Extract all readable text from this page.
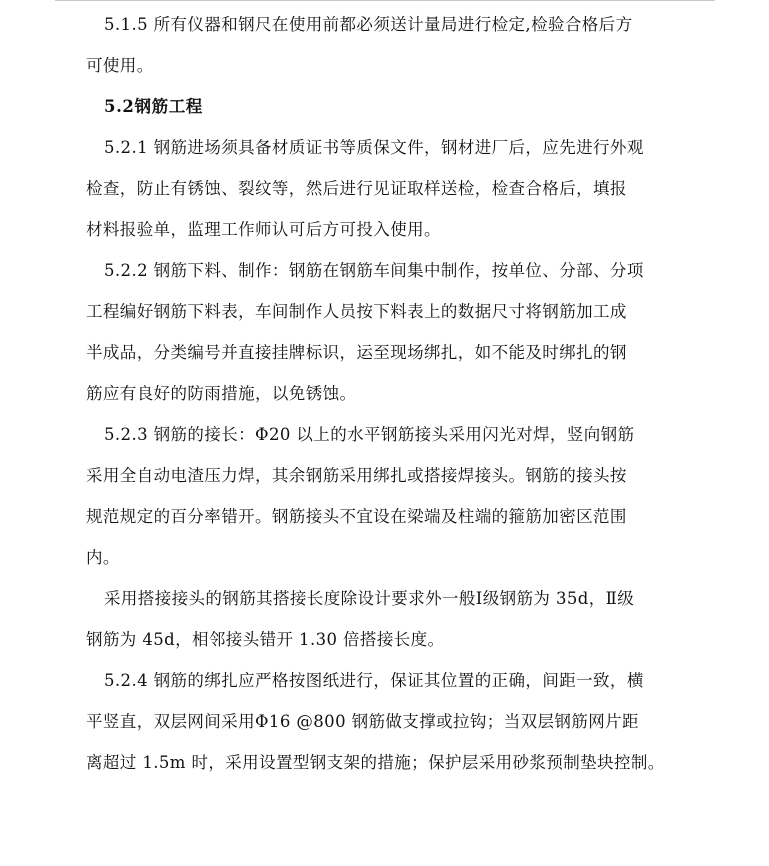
5.1.5 所有仪器和钢尺在使用前都必须送计量局进行检定,检验合格后方
可使用。
5.2钢筋工程
5.2.1 钢筋进场须具备材质证书等质保文件，钢材进厂后，应先进行外观
检查，防止有锈蚀、裂纹等，然后进行见证取样送检，检查合格后，填报
材料报验单，监理工作师认可后方可投入使用。
5.2.2 钢筋下料、制作：钢筋在钢筋车间集中制作，按单位、分部、分项
工程编好钢筋下料表，车间制作人员按下料表上的数据尺寸将钢筋加工成
半成品，分类编号并直接挂牌标识，运至现场绑扎，如不能及时绑扎的钢
筋应有良好的防雨措施，以免锈蚀。
5.2.3 钢筋的接长：Φ20 以上的水平钢筋接头采用闪光对焊，竖向钢筋
采用全自动电渣压力焊，其余钢筋采用绑扎或搭接焊接头。钢筋的接头按
规范规定的百分率错开。钢筋接头不宜设在梁端及柱端的箍筋加密区范围
内。
采用搭接接头的钢筋其搭接长度除设计要求外一般Ⅰ级钢筋为 35d，Ⅱ级
钢筋为 45d，相邻接头错开 1.30 倍搭接长度。
5.2.4 钢筋的绑扎应严格按图纸进行，保证其位置的正确，间距一致，横
平竖直，双层网间采用Φ16 @800 钢筋做支撑或拉钩；当双层钢筋网片距
离超过 1.5m 时，采用设置型钢支架的措施；保护层采用砂浆预制垫块控制。
